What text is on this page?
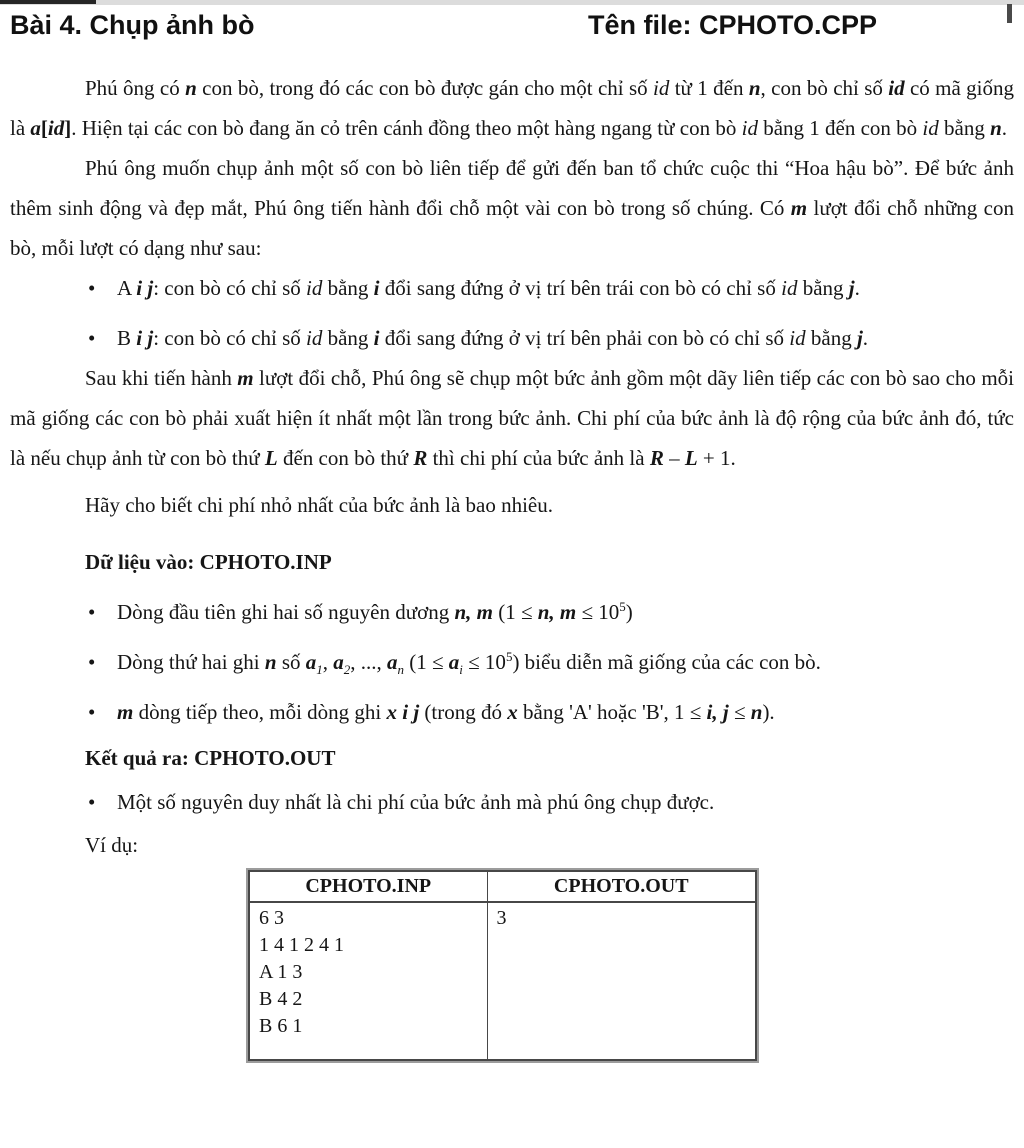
Bài 4. Chụp ảnh bò	Tên file: CPHOTO.CPP

Phú ông có n con bò, trong đó các con bò được gán cho một chỉ số id từ 1 đến n, con bò chỉ số id có mã giống là a[id]. Hiện tại các con bò đang ăn cỏ trên cánh đồng theo một hàng ngang từ con bò id bằng 1 đến con bò id bằng n.

Phú ông muốn chụp ảnh một số con bò liên tiếp để gửi đến ban tổ chức cuộc thi “Hoa hậu bò”. Để bức ảnh thêm sinh động và đẹp mắt, Phú ông tiến hành đổi chỗ một vài con bò trong số chúng. Có m lượt đổi chỗ những con bò, mỗi lượt có dạng như sau:

• A i j: con bò có chỉ số id bằng i đổi sang đứng ở vị trí bên trái con bò có chỉ số id bằng j.
• B i j: con bò có chỉ số id bằng i đổi sang đứng ở vị trí bên phải con bò có chỉ số id bằng j.

Sau khi tiến hành m lượt đổi chỗ, Phú ông sẽ chụp một bức ảnh gồm một dãy liên tiếp các con bò sao cho mỗi mã giống các con bò phải xuất hiện ít nhất một lần trong bức ảnh. Chi phí của bức ảnh là độ rộng của bức ảnh đó, tức là nếu chụp ảnh từ con bò thứ L đến con bò thứ R thì chi phí của bức ảnh là R – L + 1.

Hãy cho biết chi phí nhỏ nhất của bức ảnh là bao nhiêu.

Dữ liệu vào: CPHOTO.INP
• Dòng đầu tiên ghi hai số nguyên dương n, m (1 ≤ n, $m \le 10^5$)
• Dòng thứ hai ghi n số $a_1$, $a_2$, ..., $a_n$ $(1 \le a_i \le 10^5)$ biểu diễn mã giống của các con bò.
• m dòng tiếp theo, mỗi dòng ghi x i j (trong đó x bằng 'A' hoặc 'B', 1 ≤ i, j ≤ n).
Kết quả ra: CPHOTO.OUT
• Một số nguyên duy nhất là chi phí của bức ảnh mà phú ông chụp được.
Ví dụ:
CPHOTO.INP	CPHOTO.OUT

6 3
1 4 1 2 4 1
A 1 3
B 4 2
B 6 1	3
